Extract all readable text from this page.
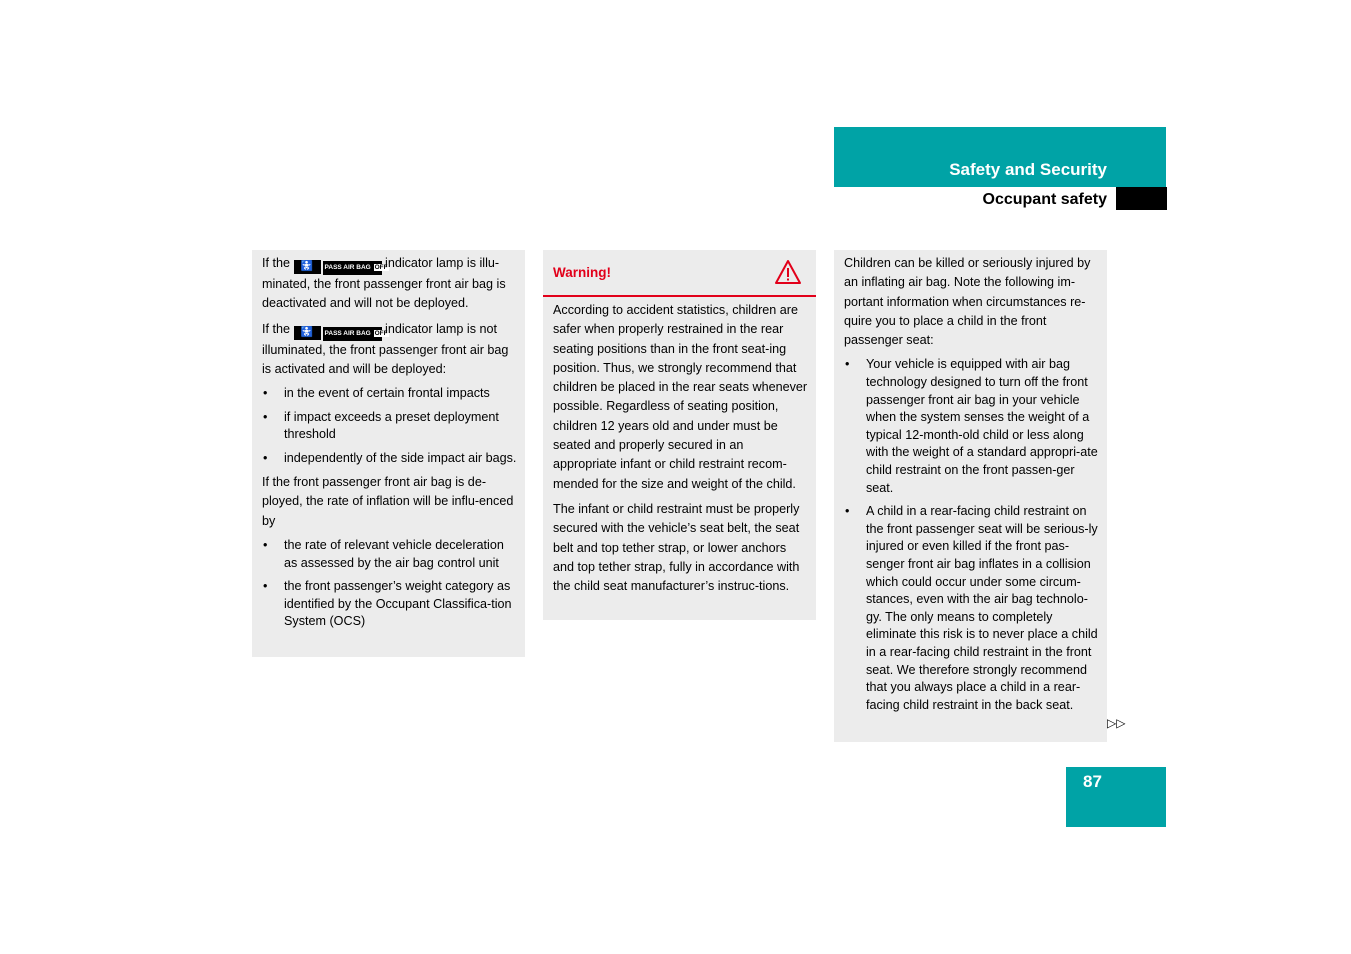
Safety and Security
Occupant safety

If the 🚼 PASS AIR BAG OFF indicator lamp is illu-minated, the front passenger front air bag is deactivated and will not be deployed.

If the 🚼 PASS AIR BAG OFF indicator lamp is not illuminated, the front passenger front air bag is activated and will be deployed:

• in the event of certain frontal impacts
• if impact exceeds a preset deployment threshold
• independently of the side impact air bags.

If the front passenger front air bag is de-ployed, the rate of inflation will be influ-enced by

• the rate of relevant vehicle deceleration as assessed by the air bag control unit
• the front passenger’s weight category as identified by the Occupant Classifica-tion System (OCS)
Warning!

According to accident statistics, children are safer when properly restrained in the rear seating positions than in the front seat-ing position. Thus, we strongly recommend that children be placed in the rear seats whenever possible. Regardless of seating position, children 12 years old and under must be seated and properly secured in an appropriate infant or child restraint recom-mended for the size and weight of the child.

The infant or child restraint must be properly secured with the vehicle’s seat belt, the seat belt and top tether strap, or lower anchors and top tether strap, fully in accordance with the child seat manufacturer’s instruc-tions.

Children can be killed or seriously injured by an inflating air bag. Note the following im-portant information when circumstances re-quire you to place a child in the front passenger seat:

• Your vehicle is equipped with air bag technology designed to turn off the front passenger front air bag in your vehicle when the system senses the weight of a typical 12-month-old child or less along with the weight of a standard appropri-ate child restraint on the front passen-ger seat.
• A child in a rear-facing child restraint on the front passenger seat will be serious-ly injured or even killed if the front pas-senger front air bag inflates in a collision which could occur under some circum-stances, even with the air bag technolo-gy. The only means to completely eliminate this risk is to never place a child in a rear-facing child restraint in the front seat. We therefore strongly recommend that you always place a child in a rear-facing child restraint in the back seat.
▷▷
87
